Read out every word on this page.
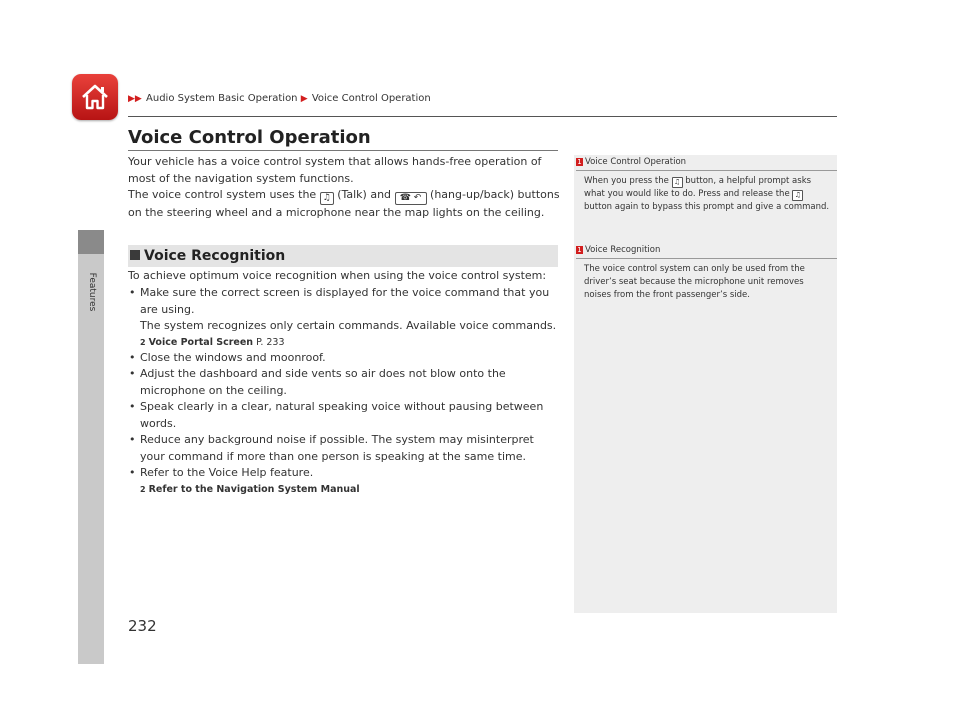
▶▶ Audio System Basic Operation ▶ Voice Control Operation
Features
Voice Control Operation
Your vehicle has a voice control system that allows hands-free operation of most of the navigation system functions.
The voice control system uses the ♫ (Talk) and ☎ ↶ (hang-up/back) buttons on the steering wheel and a microphone near the map lights on the ceiling.
Voice Recognition
To achieve optimum voice recognition when using the voice control system:
• Make sure the correct screen is displayed for the voice command that you are using.
The system recognizes only certain commands. Available voice commands.
2 Voice Portal Screen P. 233
• Close the windows and moonroof.
• Adjust the dashboard and side vents so air does not blow onto the microphone on the ceiling.
• Speak clearly in a clear, natural speaking voice without pausing between words.
• Reduce any background noise if possible. The system may misinterpret your command if more than one person is speaking at the same time.
• Refer to the Voice Help feature.
2 Refer to the Navigation System Manual
1 Voice Control Operation
When you press the ♫ button, a helpful prompt asks what you would like to do. Press and release the ♫ button again to bypass this prompt and give a command.
1 Voice Recognition
The voice control system can only be used from the driver’s seat because the microphone unit removes noises from the front passenger’s side.
232
